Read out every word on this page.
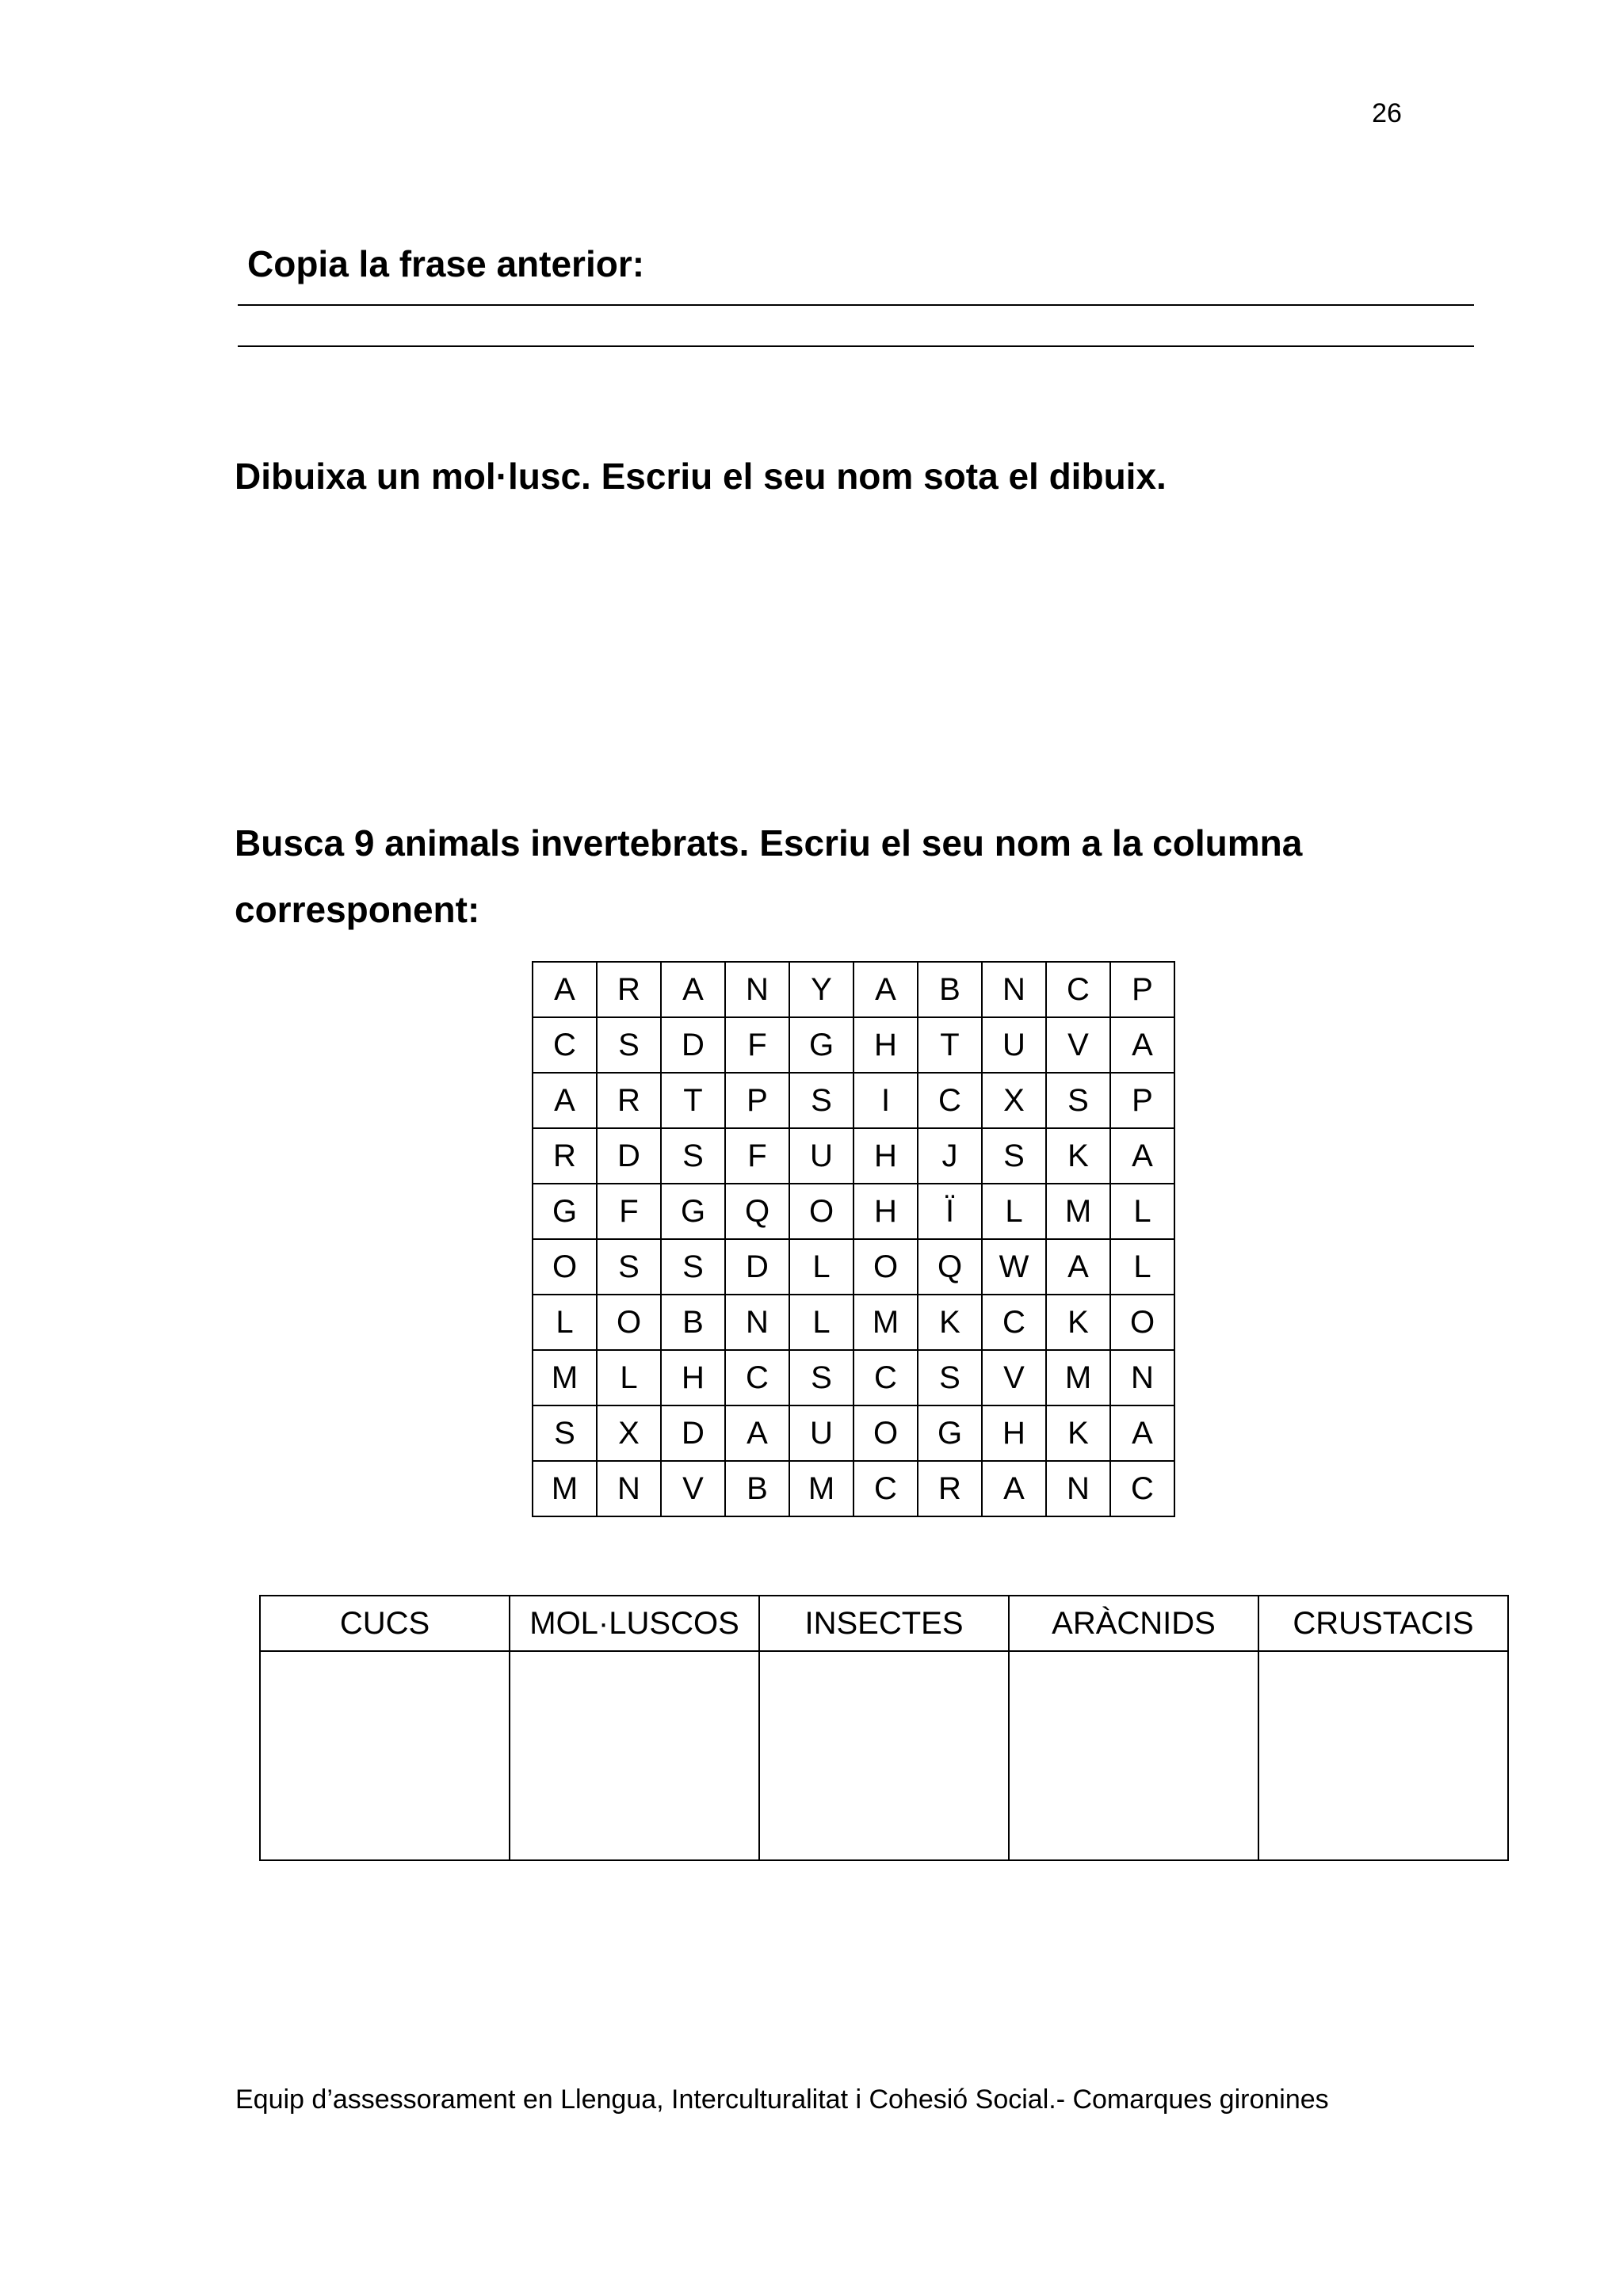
26
Copia la frase anterior:
Dibuixa un mol·lusc. Escriu el seu nom sota el dibuix.
Busca 9 animals invertebrats. Escriu el seu nom a la columna corresponent:
A	R	A	N	Y	A	B	N	C	P
C	S	D	F	G	H	T	U	V	A
A	R	T	P	S	I	C	X	S	P
R	D	S	F	U	H	J	S	K	A
G	F	G	Q	O	H	Ï	L	M	L
O	S	S	D	L	O	Q	W	A	L
L	O	B	N	L	M	K	C	K	O
M	L	H	C	S	C	S	V	M	N
S	X	D	A	U	O	G	H	K	A
M	N	V	B	M	C	R	A	N	C
CUCS	MOL·LUSCOS	INSECTES	ARÀCNIDS	CRUSTACIS

Equip d’assessorament en Llengua, Interculturalitat i Cohesió Social.- Comarques gironines
